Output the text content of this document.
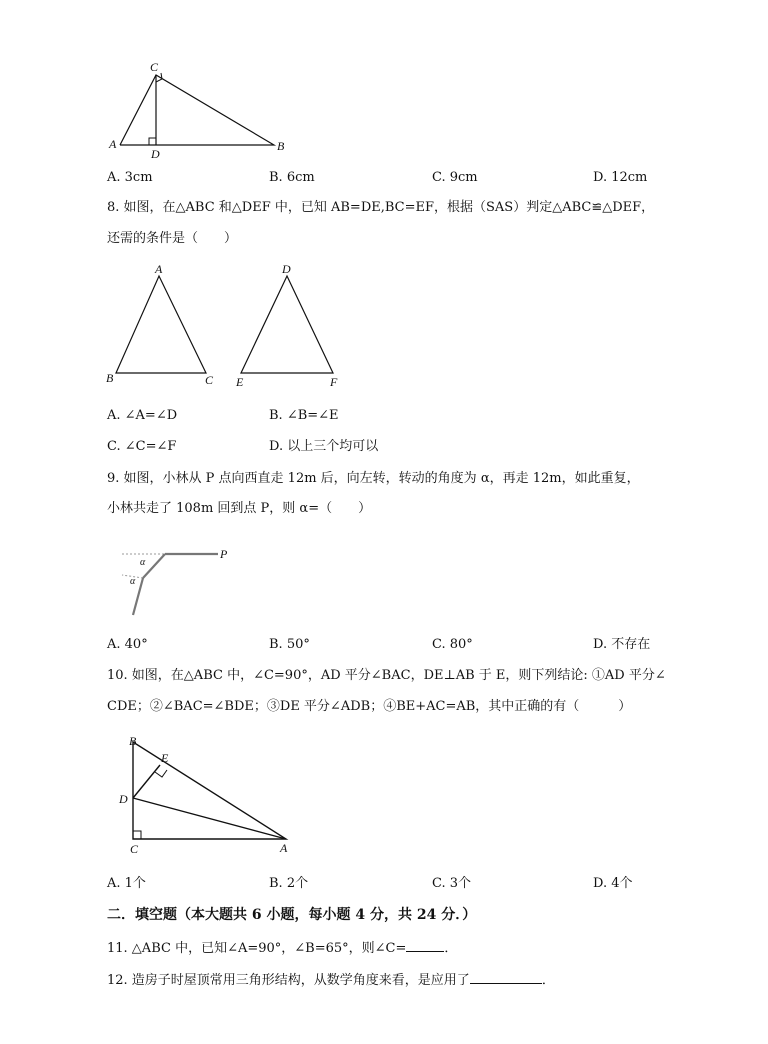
C
A
D
B
A. 3cm	B. 6cm	C. 9cm	D. 12cm
8. 如图，在△ABC 和△DEF 中，已知 AB=DE,BC=EF，根据（SAS）判定△ABC≌△DEF，
还需的条件是（　　）
A
B	C
D
E	F
A. ∠A=∠D	B. ∠B=∠E
C. ∠C=∠F	D. 以上三个均可以
9. 如图，小林从 P 点向西直走 12m 后，向左转，转动的角度为 α，再走 12m，如此重复，
小林共走了 108m 回到点 P，则 α=（　　）
P
α
α
A. 40°	B. 50°	C. 80°	D. 不存在
10. 如图，在△ABC 中，∠C=90°，AD 平分∠BAC，DE⊥AB 于 E，则下列结论: ①AD 平分∠
CDE；②∠BAC=∠BDE；③DE 平分∠ADB；④BE+AC=AB，其中正确的有（　　　）
B
E
D
C	A
A. 1个	B. 2个	C. 3个	D. 4个
二．填空题（本大题共 6 小题，每小题 4 分，共 24 分．）
11. △ABC 中，已知∠A=90°，∠B=65°，则∠C=	．
12. 造房子时屋顶常用三角形结构，从数学角度来看，是应用了	．
